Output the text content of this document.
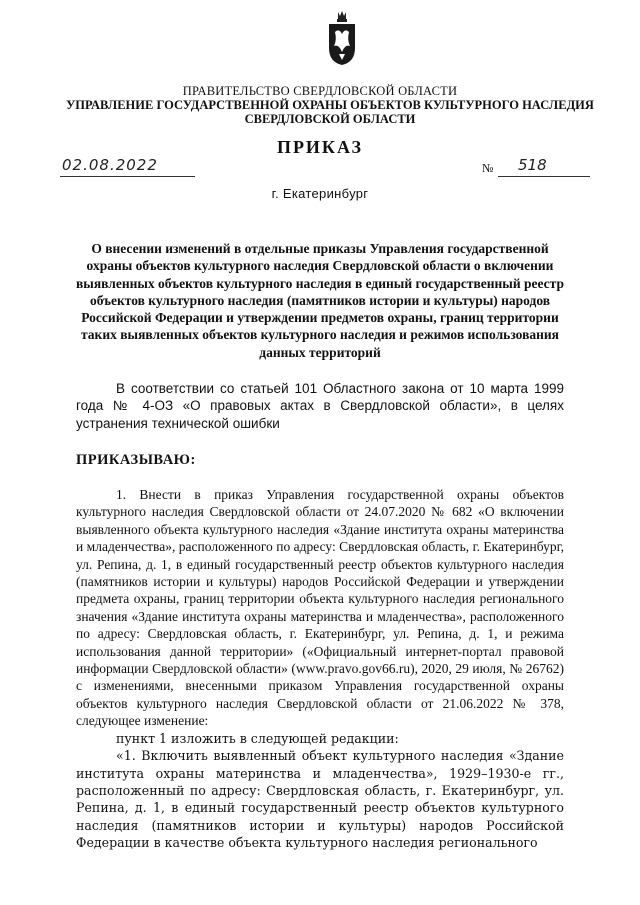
ПРАВИТЕЛЬСТВО СВЕРДЛОВСКОЙ ОБЛАСТИ
УПРАВЛЕНИЕ ГОСУДАРСТВЕННОЙ ОХРАНЫ ОБЪЕКТОВ КУЛЬТУРНОГО НАСЛЕДИЯ СВЕРДЛОВСКОЙ ОБЛАСТИ
ПРИКАЗ
02.08.2022	№ 518
г. Екатеринбург
О внесении изменений в отдельные приказы Управления государственной охраны объектов культурного наследия Свердловской области о включении выявленных объектов культурного наследия в единый государственный реестр объектов культурного наследия (памятников истории и культуры) народов Российской Федерации и утверждении предметов охраны, границ территории таких выявленных объектов культурного наследия и режимов использования данных территорий
В соответствии со статьей 101 Областного закона от 10 марта 1999 года № 4-ОЗ «О правовых актах в Свердловской области», в целях устранения технической ошибки
ПРИКАЗЫВАЮ:

1. Внести в приказ Управления государственной охраны объектов культурного наследия Свердловской области от 24.07.2020 № 682 «О включении выявленного объекта культурного наследия «Здание института охраны материнства и младенчества», расположенного по адресу: Свердловская область, г. Екатеринбург, ул. Репина, д. 1, в единый государственный реестр объектов культурного наследия (памятников истории и культуры) народов Российской Федерации и утверждении предмета охраны, границ территории объекта культурного наследия регионального значения «Здание института охраны материнства и младенчества», расположенного по адресу: Свердловская область, г. Екатеринбург, ул. Репина, д. 1, и режима использования данной территории» («Официальный интернет-портал правовой информации Свердловской области» (www.pravo.gov66.ru), 2020, 29 июля, № 26762) с изменениями, внесенными приказом Управления государственной охраны объектов культурного наследия Свердловской области от 21.06.2022 № 378, следующее изменение:

пункт 1 изложить в следующей редакции:

«1. Включить выявленный объект культурного наследия «Здание института охраны материнства и младенчества», 1929–1930-е гг., расположенный по адресу: Свердловская область, г. Екатеринбург, ул. Репина, д. 1, в единый государственный реестр объектов культурного наследия (памятников истории и культуры) народов Российской Федерации в качестве объекта культурного наследия регионального
